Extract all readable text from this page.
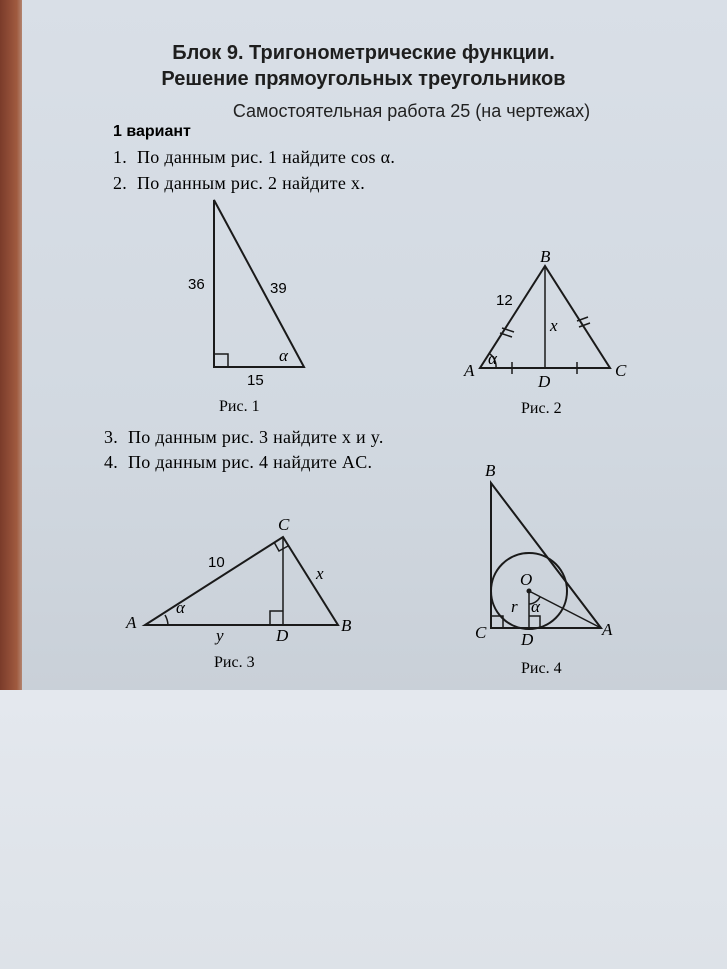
Блок 9. Тригонометрические функции.
Решение прямоугольных треугольников
Самостоятельная работа 25 (на чертежах)
1 вариант
1. По данным рис. 1 найдите cos α.
2. По данным рис. 2 найдите x.
3. По данным рис. 3 найдите x и y.
4. По данным рис. 4 найдите AC.
36	39
15
α
Рис. 1
B
A	C
D
12
x
α
Рис. 2
C
A	B
D
10
x
y
α
Рис. 3
B
C	A
D
O
r α
Рис. 4
